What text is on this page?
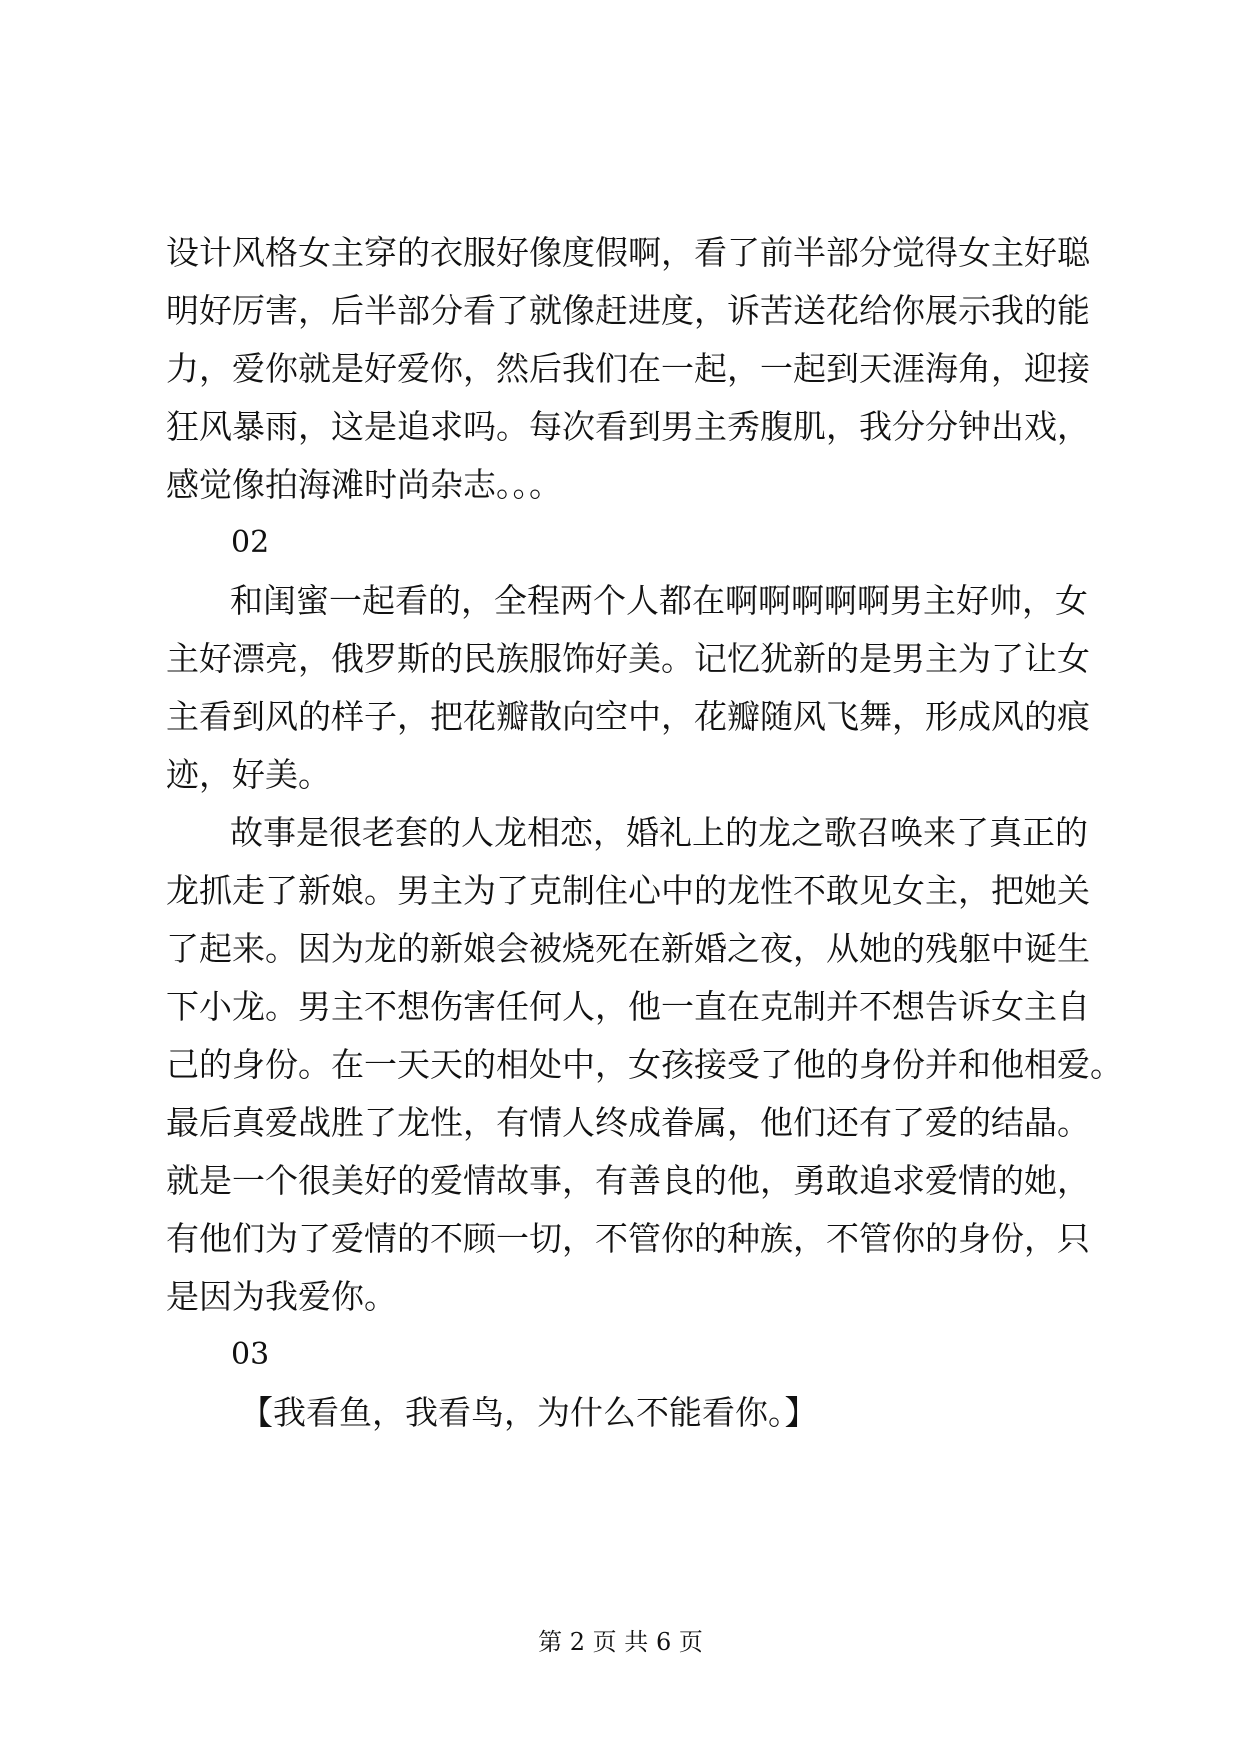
设计风格女主穿的衣服好像度假啊，看了前半部分觉得女主好聪
明好厉害，后半部分看了就像赶进度，诉苦送花给你展示我的能
力，爱你就是好爱你，然后我们在一起，一起到天涯海角，迎接
狂风暴雨，这是追求吗。每次看到男主秀腹肌，我分分钟出戏，
感觉像拍海滩时尚杂志。。。
02
和闺蜜一起看的，全程两个人都在啊啊啊啊啊男主好帅，女
主好漂亮，俄罗斯的民族服饰好美。记忆犹新的是男主为了让女
主看到风的样子，把花瓣散向空中，花瓣随风飞舞，形成风的痕
迹，好美。
故事是很老套的人龙相恋，婚礼上的龙之歌召唤来了真正的
龙抓走了新娘。男主为了克制住心中的龙性不敢见女主，把她关
了起来。因为龙的新娘会被烧死在新婚之夜，从她的残躯中诞生
下小龙。男主不想伤害任何人，他一直在克制并不想告诉女主自
己的身份。在一天天的相处中，女孩接受了他的身份并和他相爱。
最后真爱战胜了龙性，有情人终成眷属，他们还有了爱的结晶。
就是一个很美好的爱情故事，有善良的他，勇敢追求爱情的她，
有他们为了爱情的不顾一切，不管你的种族，不管你的身份，只
是因为我爱你。
03
【我看鱼，我看鸟，为什么不能看你。】
第 2 页 共 6 页
